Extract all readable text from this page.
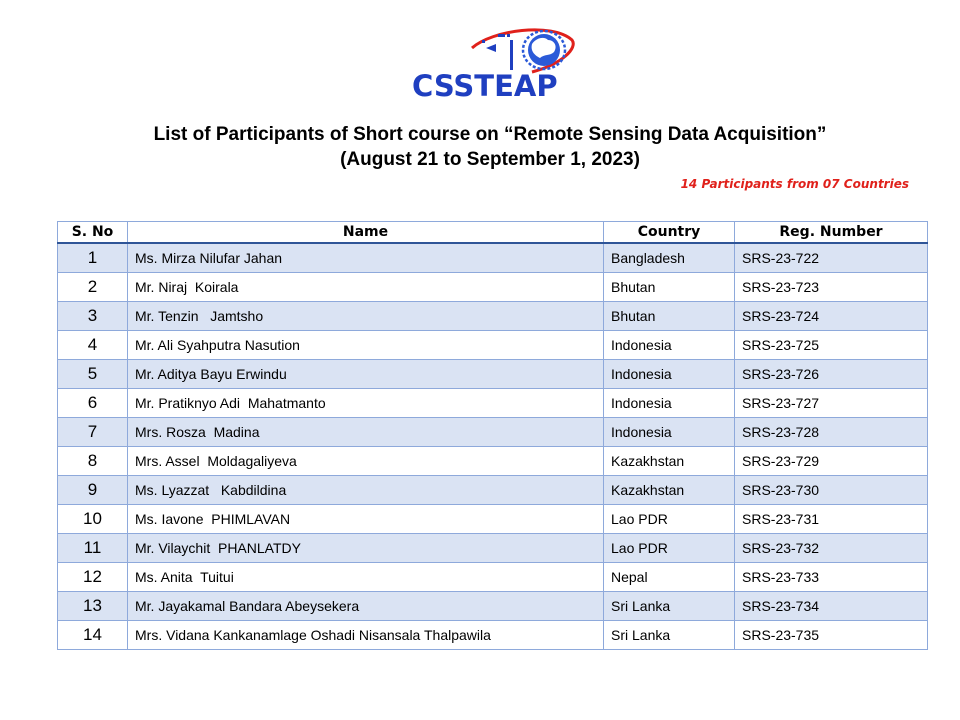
CSSTEAP
List of Participants of Short course on “Remote Sensing Data Acquisition”
(August 21 to September 1, 2023)
14 Participants from 07 Countries
S. No	Name	Country	Reg. Number
1	Ms. Mirza Nilufar Jahan	Bangladesh	SRS-23-722
2	Mr. Niraj  Koirala	Bhutan	SRS-23-723
3	Mr. Tenzin   Jamtsho	Bhutan	SRS-23-724
4	Mr. Ali Syahputra Nasution	Indonesia	SRS-23-725
5	Mr. Aditya Bayu Erwindu	Indonesia	SRS-23-726
6	Mr. Pratiknyo Adi  Mahatmanto	Indonesia	SRS-23-727
7	Mrs. Rosza  Madina	Indonesia	SRS-23-728
8	Mrs. Assel  Moldagaliyeva	Kazakhstan	SRS-23-729
9	Ms. Lyazzat   Kabdildina	Kazakhstan	SRS-23-730
10	Ms. Iavone  PHIMLAVAN	Lao PDR	SRS-23-731
11	Mr. Vilaychit  PHANLATDY	Lao PDR	SRS-23-732
12	Ms. Anita  Tuitui	Nepal	SRS-23-733
13	Mr. Jayakamal Bandara Abeysekera	Sri Lanka	SRS-23-734
14	Mrs. Vidana Kankanamlage Oshadi Nisansala Thalpawila	Sri Lanka	SRS-23-735
